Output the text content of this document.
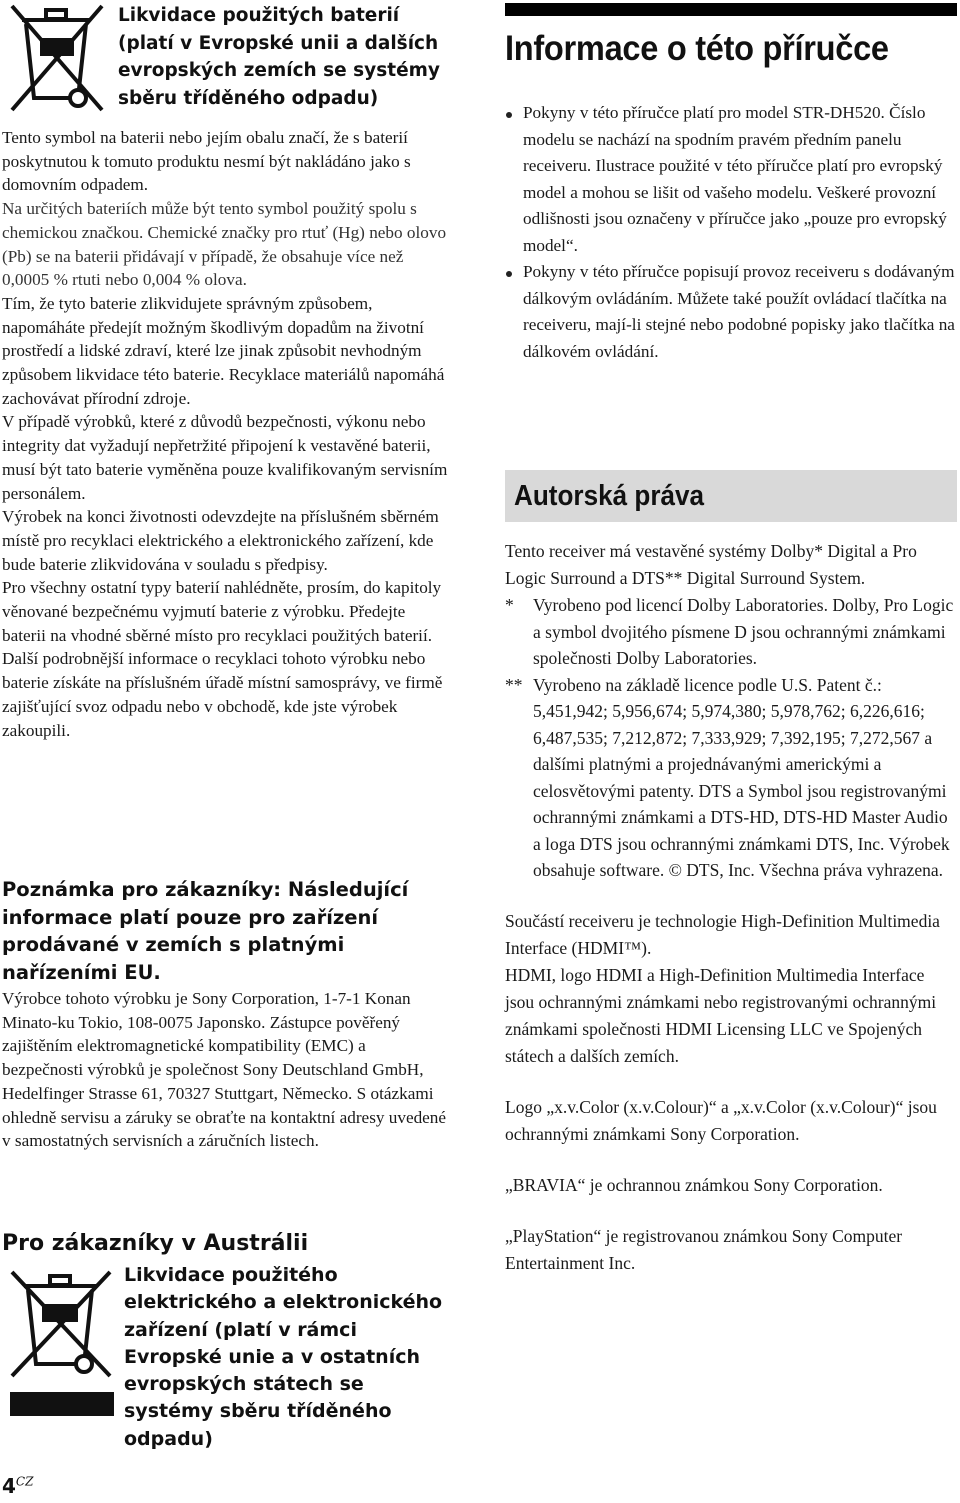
Likvidace použitých baterií (platí v Evropské unii a dalších evropských zemích se systémy sběru tříděného odpadu)

Tento symbol na baterii nebo jejím obalu značí, že s baterií poskytnutou k tomuto produktu nesmí být nakládáno jako s domovním odpadem.

Na určitých bateriích může být tento symbol použitý spolu s chemickou značkou. Chemické značky pro rtuť (Hg) nebo olovo (Pb) se na baterii přidávají v případě, že obsahuje více než 0,0005 % rtuti nebo 0,004 % olova.

Tím, že tyto baterie zlikvidujete správným způsobem, napomáháte předejít možným škodlivým dopadům na životní prostředí a lidské zdraví, které lze jinak způsobit nevhodným způsobem likvidace této baterie. Recyklace materiálů napomáhá zachovávat přírodní zdroje.

V případě výrobků, které z důvodů bezpečnosti, výkonu nebo integrity dat vyžadují nepřetržité připojení k vestavěné baterii, musí být tato baterie vyměněna pouze kvalifikovaným servisním personálem.

Výrobek na konci životnosti odevzdejte na příslušném sběrném místě pro recyklaci elektrického a elektronického zařízení, kde bude baterie zlikvidována v souladu s předpisy.

Pro všechny ostatní typy baterií nahlédněte, prosím, do kapitoly věnované bezpečnému vyjmutí baterie z výrobku. Předejte baterii na vhodné sběrné místo pro recyklaci použitých baterií.

Další podrobnější informace o recyklaci tohoto výrobku nebo baterie získáte na příslušném úřadě místní samosprávy, ve firmě zajišťující svoz odpadu nebo v obchodě, kde jste výrobek zakoupili.

Poznámka pro zákazníky: Následující informace platí pouze pro zařízení prodávané v zemích s platnými nařízeními EU.

Výrobce tohoto výrobku je Sony Corporation, 1-7-1 Konan Minato-ku Tokio, 108-0075 Japonsko. Zástupce pověřený zajištěním elektromagnetické kompatibility (EMC) a bezpečnosti výrobků je společnost Sony Deutschland GmbH, Hedelfinger Strasse 61, 70327 Stuttgart, Německo. S otázkami ohledně servisu a záruky se obraťte na kontaktní adresy uvedené v samostatných servisních a záručních listech.

Pro zákazníky v Austrálii
Likvidace použitého elektrického a elektronického zařízení (platí v rámci Evropské unie a v ostatních evropských státech se systémy sběru tříděného odpadu)
$4^{CZ}$
Informace o této příručce
Pokyny v této příručce platí pro model STR-DH520. Číslo modelu se nachází na spodním pravém předním panelu receiveru. Ilustrace použité v této příručce platí pro evropský model a mohou se lišit od vašeho modelu. Veškeré provozní odlišnosti jsou označeny v příručce jako „pouze pro evropský model“.
Pokyny v této příručce popisují provoz receiveru s dodávaným dálkovým ovládáním. Můžete také použít ovládací tlačítka na receiveru, mají-li stejné nebo podobné popisky jako tlačítka na dálkovém ovládání.
Autorská práva

Tento receiver má vestavěné systémy Dolby* Digital a Pro Logic Surround a DTS** Digital Surround System.

*	Vyrobeno pod licencí Dolby Laboratories. Dolby, Pro Logic a symbol dvojitého písmene D jsou ochrannými známkami společnosti Dolby Laboratories.
** Vyrobeno na základě licence podle U.S. Patent č.: 5,451,942; 5,956,674; 5,974,380; 5,978,762; 6,226,616; 6,487,535; 7,212,872; 7,333,929; 7,392,195; 7,272,567 a dalšími platnými a projednávanými americkými a celosvětovými patenty. DTS a Symbol jsou registrovanými ochrannými známkami a DTS-HD, DTS-HD Master Audio a loga DTS jsou ochrannými známkami DTS, Inc. Výrobek obsahuje software. © DTS, Inc. Všechna práva vyhrazena.

Součástí receiveru je technologie High-Definition Multimedia Interface (HDMI™).

HDMI, logo HDMI a High-Definition Multimedia Interface jsou ochrannými známkami nebo registrovanými ochrannými známkami společnosti HDMI Licensing LLC ve Spojených státech a dalších zemích.

Logo „x.v.Color (x.v.Colour)“ a „x.v.Color (x.v.Colour)“ jsou ochrannými známkami Sony Corporation.

„BRAVIA“ je ochrannou známkou Sony Corporation.

„PlayStation“ je registrovanou známkou Sony Computer Entertainment Inc.
